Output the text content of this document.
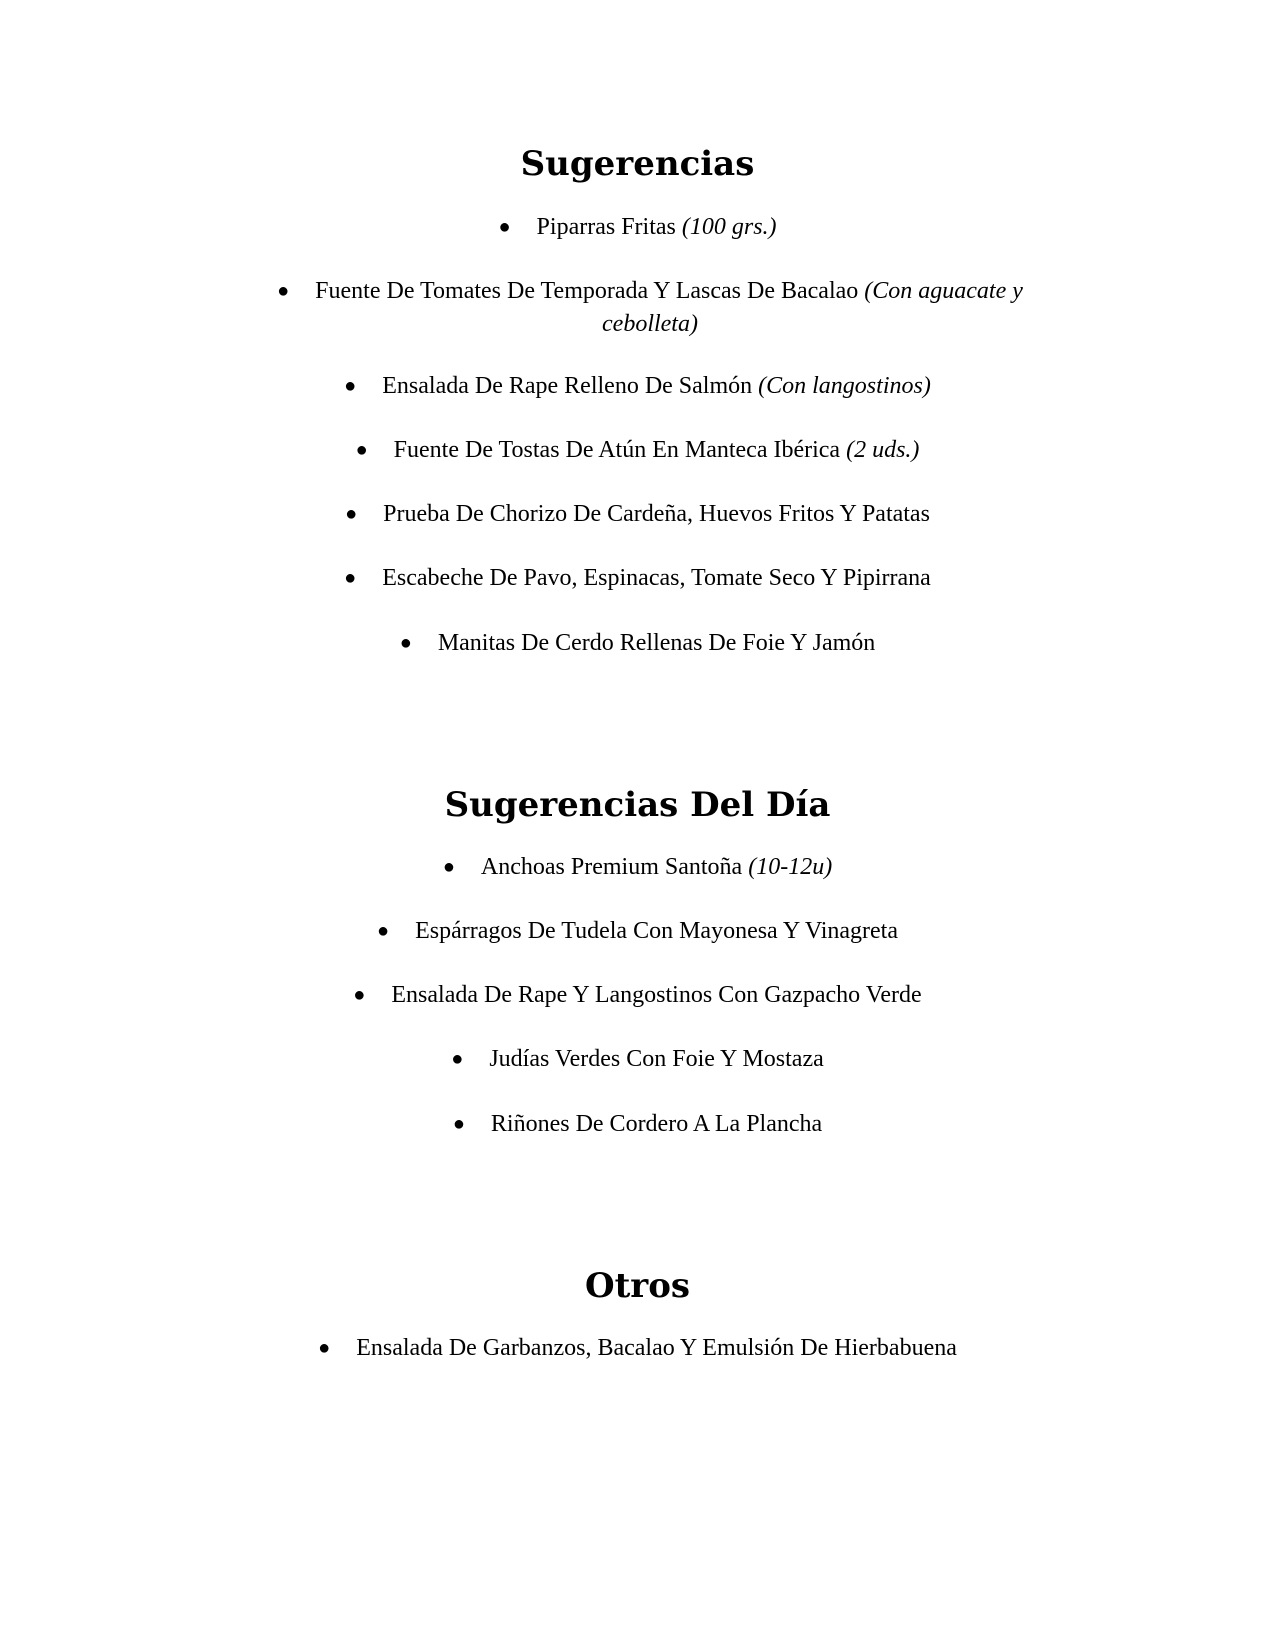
Sugerencias

● Piparras Fritas (100 grs.)

● Fuente De Tomates De Temporada Y Lascas De Bacalao (Con aguacate y cebolleta)

● Ensalada De Rape Relleno De Salmón (Con langostinos)

● Fuente De Tostas De Atún En Manteca Ibérica (2 uds.)

● Prueba De Chorizo De Cardeña, Huevos Fritos Y Patatas

● Escabeche De Pavo, Espinacas, Tomate Seco Y Pipirrana

● Manitas De Cerdo Rellenas De Foie Y Jamón

Sugerencias Del Día

● Anchoas Premium Santoña (10-12u)

● Espárragos De Tudela Con Mayonesa Y Vinagreta

● Ensalada De Rape Y Langostinos Con Gazpacho Verde

● Judías Verdes Con Foie Y Mostaza

● Riñones De Cordero A La Plancha

Otros

● Ensalada De Garbanzos, Bacalao Y Emulsión De Hierbabuena
